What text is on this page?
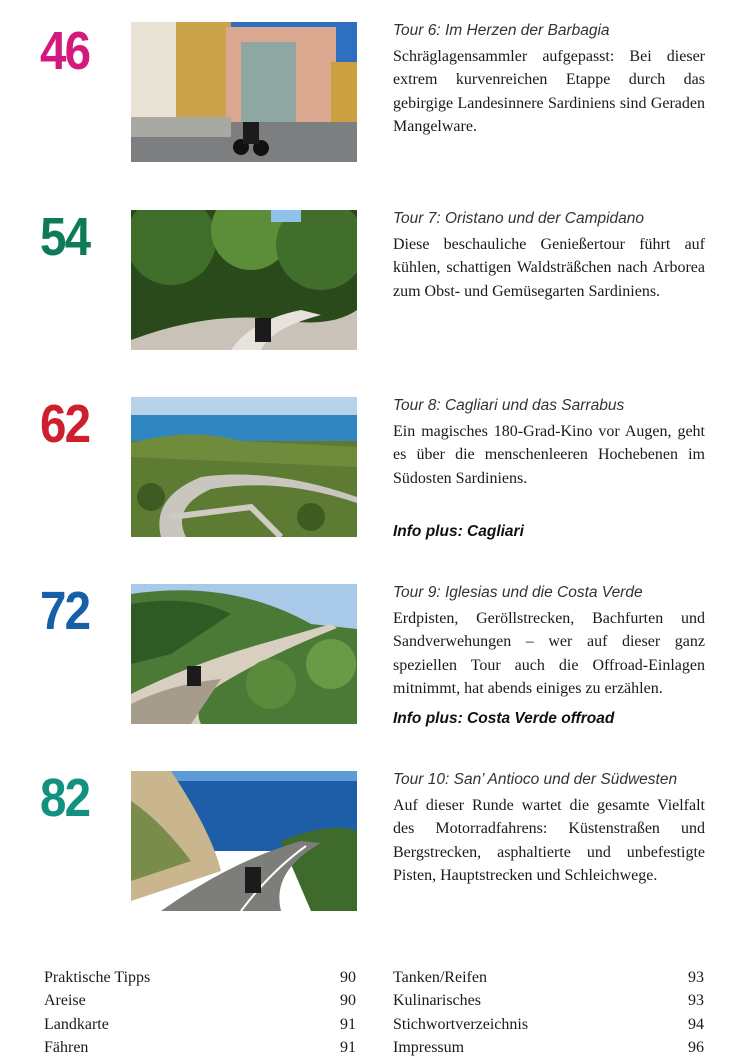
46	Tour 6: Im Herzen der Barbagia

Schräglagensammler aufgepasst: Bei dieser extrem kurvenreichen Etappe durch das gebirgige Landesinnere Sardiniens sind Geraden Mangelware.

54	Tour 7: Oristano und der Campidano

Diese beschauliche Genießertour führt auf kühlen, schattigen Waldsträßchen nach Arborea zum Obst- und Gemüsegarten Sardiniens.

62	Tour 8: Cagliari und das Sarrabus

Ein magisches 180-Grad-Kino vor Augen, geht es über die menschenleeren Hochebenen im Südosten Sardiniens.

Info plus: Cagliari
72	Tour 9: Iglesias und die Costa Verde

Erdpisten, Geröllstrecken, Bachfurten und Sandverwehungen – wer auf dieser ganz speziellen Tour auch die Offroad-Einlagen mitnimmt, hat abends einiges zu erzählen.

Info plus: Costa Verde offroad
82	Tour 10: San’ Antioco und der Südwesten

Auf dieser Runde wartet die gesamte Vielfalt des Motorradfahrens: Küstenstraßen und Bergstrecken, asphaltierte und unbefestigte Pisten, Hauptstrecken und Schleichwege.

Praktische Tipps	90
Areise	90
Landkarte	91
Fähren	91
Tanken/Reifen	93
Kulinarisches	93
Stichwortverzeichnis	94
Impressum	96
